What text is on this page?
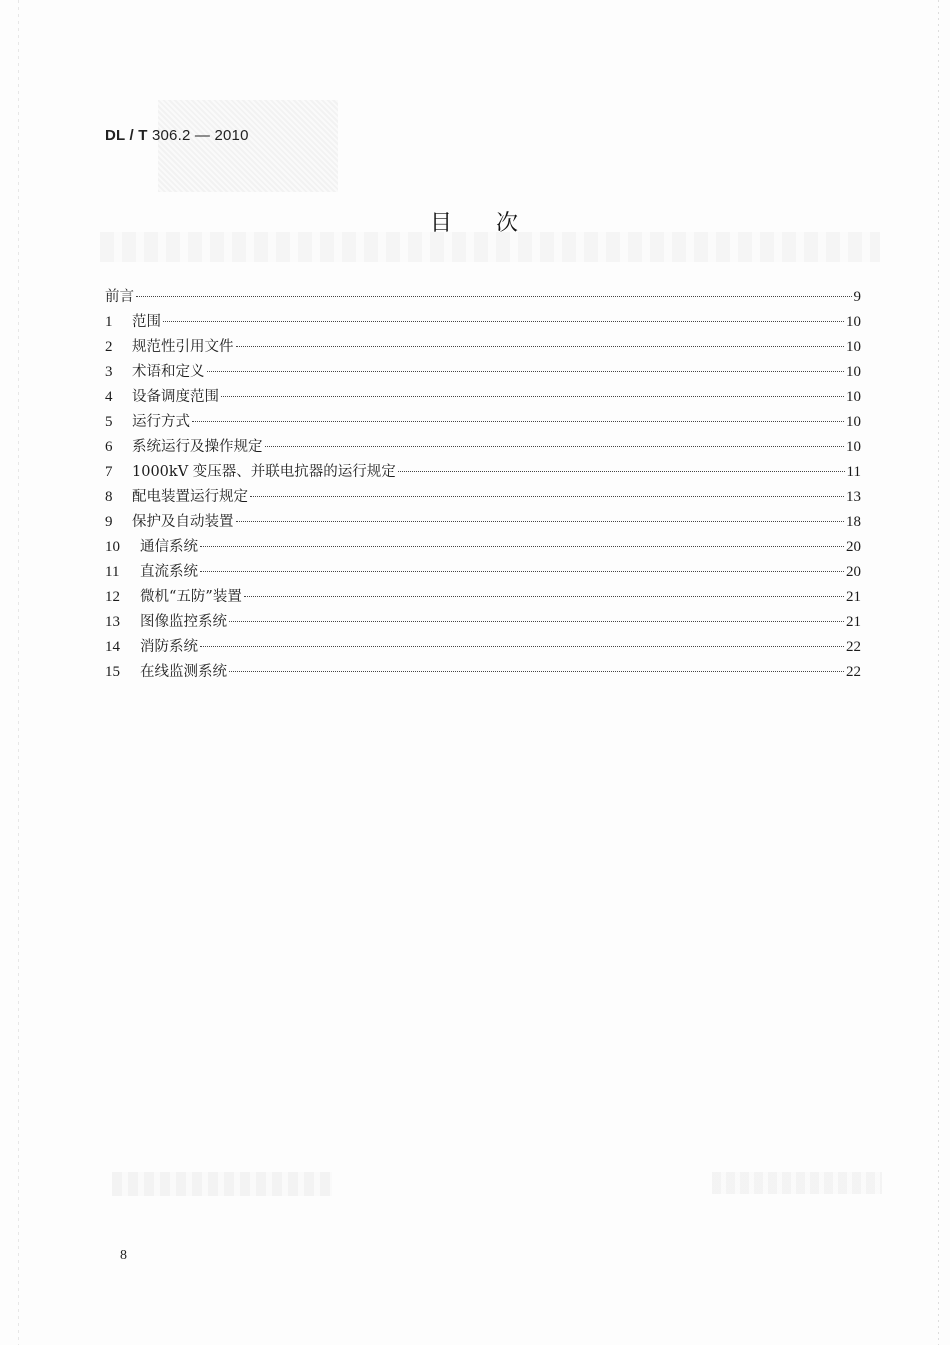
DL / T 306.2 — 2010
目 次
前言	9
1	范围	10
2	规范性引用文件	10
3	术语和定义	10
4	设备调度范围	10
5	运行方式	10
6	系统运行及操作规定	10
7	1000kV 变压器、并联电抗器的运行规定	11
8	配电装置运行规定	13
9	保护及自动装置	18
10	通信系统	20
11	直流系统	20
12	微机“五防”装置	21
13	图像监控系统	21
14	消防系统	22
15	在线监测系统	22
8
